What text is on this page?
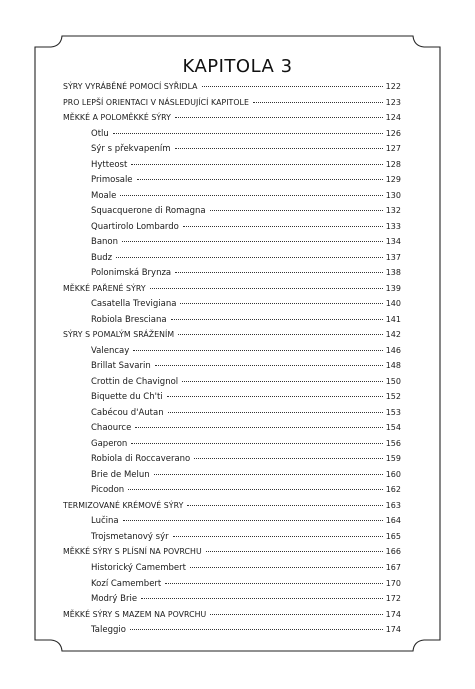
KAPITOLA 3
SÝRY VYRÁBĚNÉ POMOCÍ SYŘIDLA	122
PRO LEPŠÍ ORIENTACI V NÁSLEDUJÍCÍ KAPITOLE	123
MĚKKÉ A POLOMĚKKÉ SÝRY	124
Otlu	126
Sýr s překvapením	127
Hytteost	128
Primosale	129
Moale	130
Squacquerone di Romagna	132
Quartirolo Lombardo	133
Banon	134
Budz	137
Polonimská Brynza	138
MĚKKÉ PAŘENÉ SÝRY	139
Casatella Trevigiana	140
Robiola Bresciana	141
SÝRY S POMALÝM SRÁŽENÍM	142
Valencay	146
Brillat Savarin	148
Crottin de Chavignol	150
Biquette du Ch'ti	152
Cabécou d'Autan	153
Chaource	154
Gaperon	156
Robiola di Roccaverano	159
Brie de Melun	160
Picodon	162
TERMIZOVANÉ KRÉMOVÉ SÝRY	163
Lučina	164
Trojsmetanový sýr	165
MĚKKÉ SÝRY S PLÍSNÍ NA POVRCHU	166
Historický Camembert	167
Kozí Camembert	170
Modrý Brie	172
MĚKKÉ SÝRY S MAZEM NA POVRCHU	174
Taleggio	174
